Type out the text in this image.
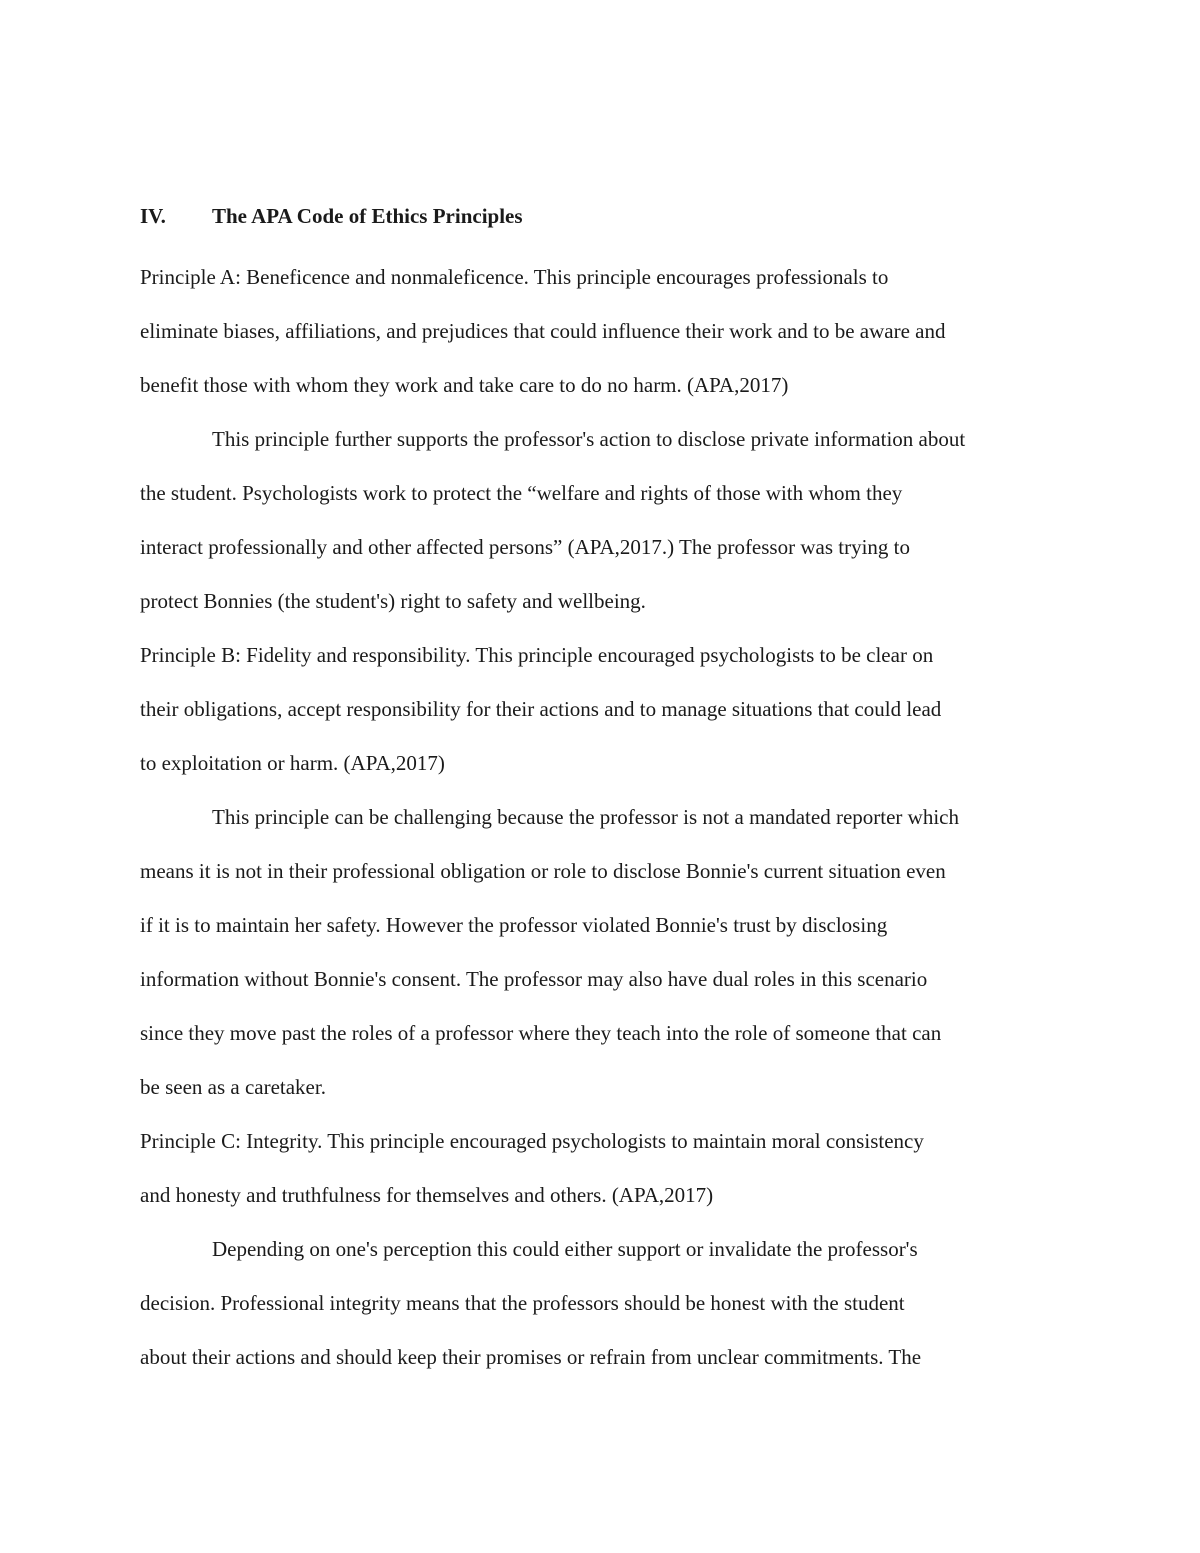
IV.	The APA Code of Ethics Principles
Principle A: Beneficence and nonmaleficence. This principle encourages professionals to
eliminate biases, affiliations, and prejudices that could influence their work and to be aware and
benefit those with whom they work and take care to do no harm. (APA,2017)
This principle further supports the professor's action to disclose private information about
the student. Psychologists work to protect the “welfare and rights of those with whom they
interact professionally and other affected persons” (APA,2017.) The professor was trying to
protect Bonnies (the student's) right to safety and wellbeing.
Principle B: Fidelity and responsibility. This principle encouraged psychologists to be clear on
their obligations, accept responsibility for their actions and to manage situations that could lead
to exploitation or harm. (APA,2017)
This principle can be challenging because the professor is not a mandated reporter which
means it is not in their professional obligation or role to disclose Bonnie's current situation even
if it is to maintain her safety. However the professor violated Bonnie's trust by disclosing
information without Bonnie's consent. The professor may also have dual roles in this scenario
since they move past the roles of a professor where they teach into the role of someone that can
be seen as a caretaker.
Principle C: Integrity. This principle encouraged psychologists to maintain moral consistency
and honesty and truthfulness for themselves and others. (APA,2017)
Depending on one's perception this could either support or invalidate the professor's
decision. Professional integrity means that the professors should be honest with the student
about their actions and should keep their promises or refrain from unclear commitments. The
